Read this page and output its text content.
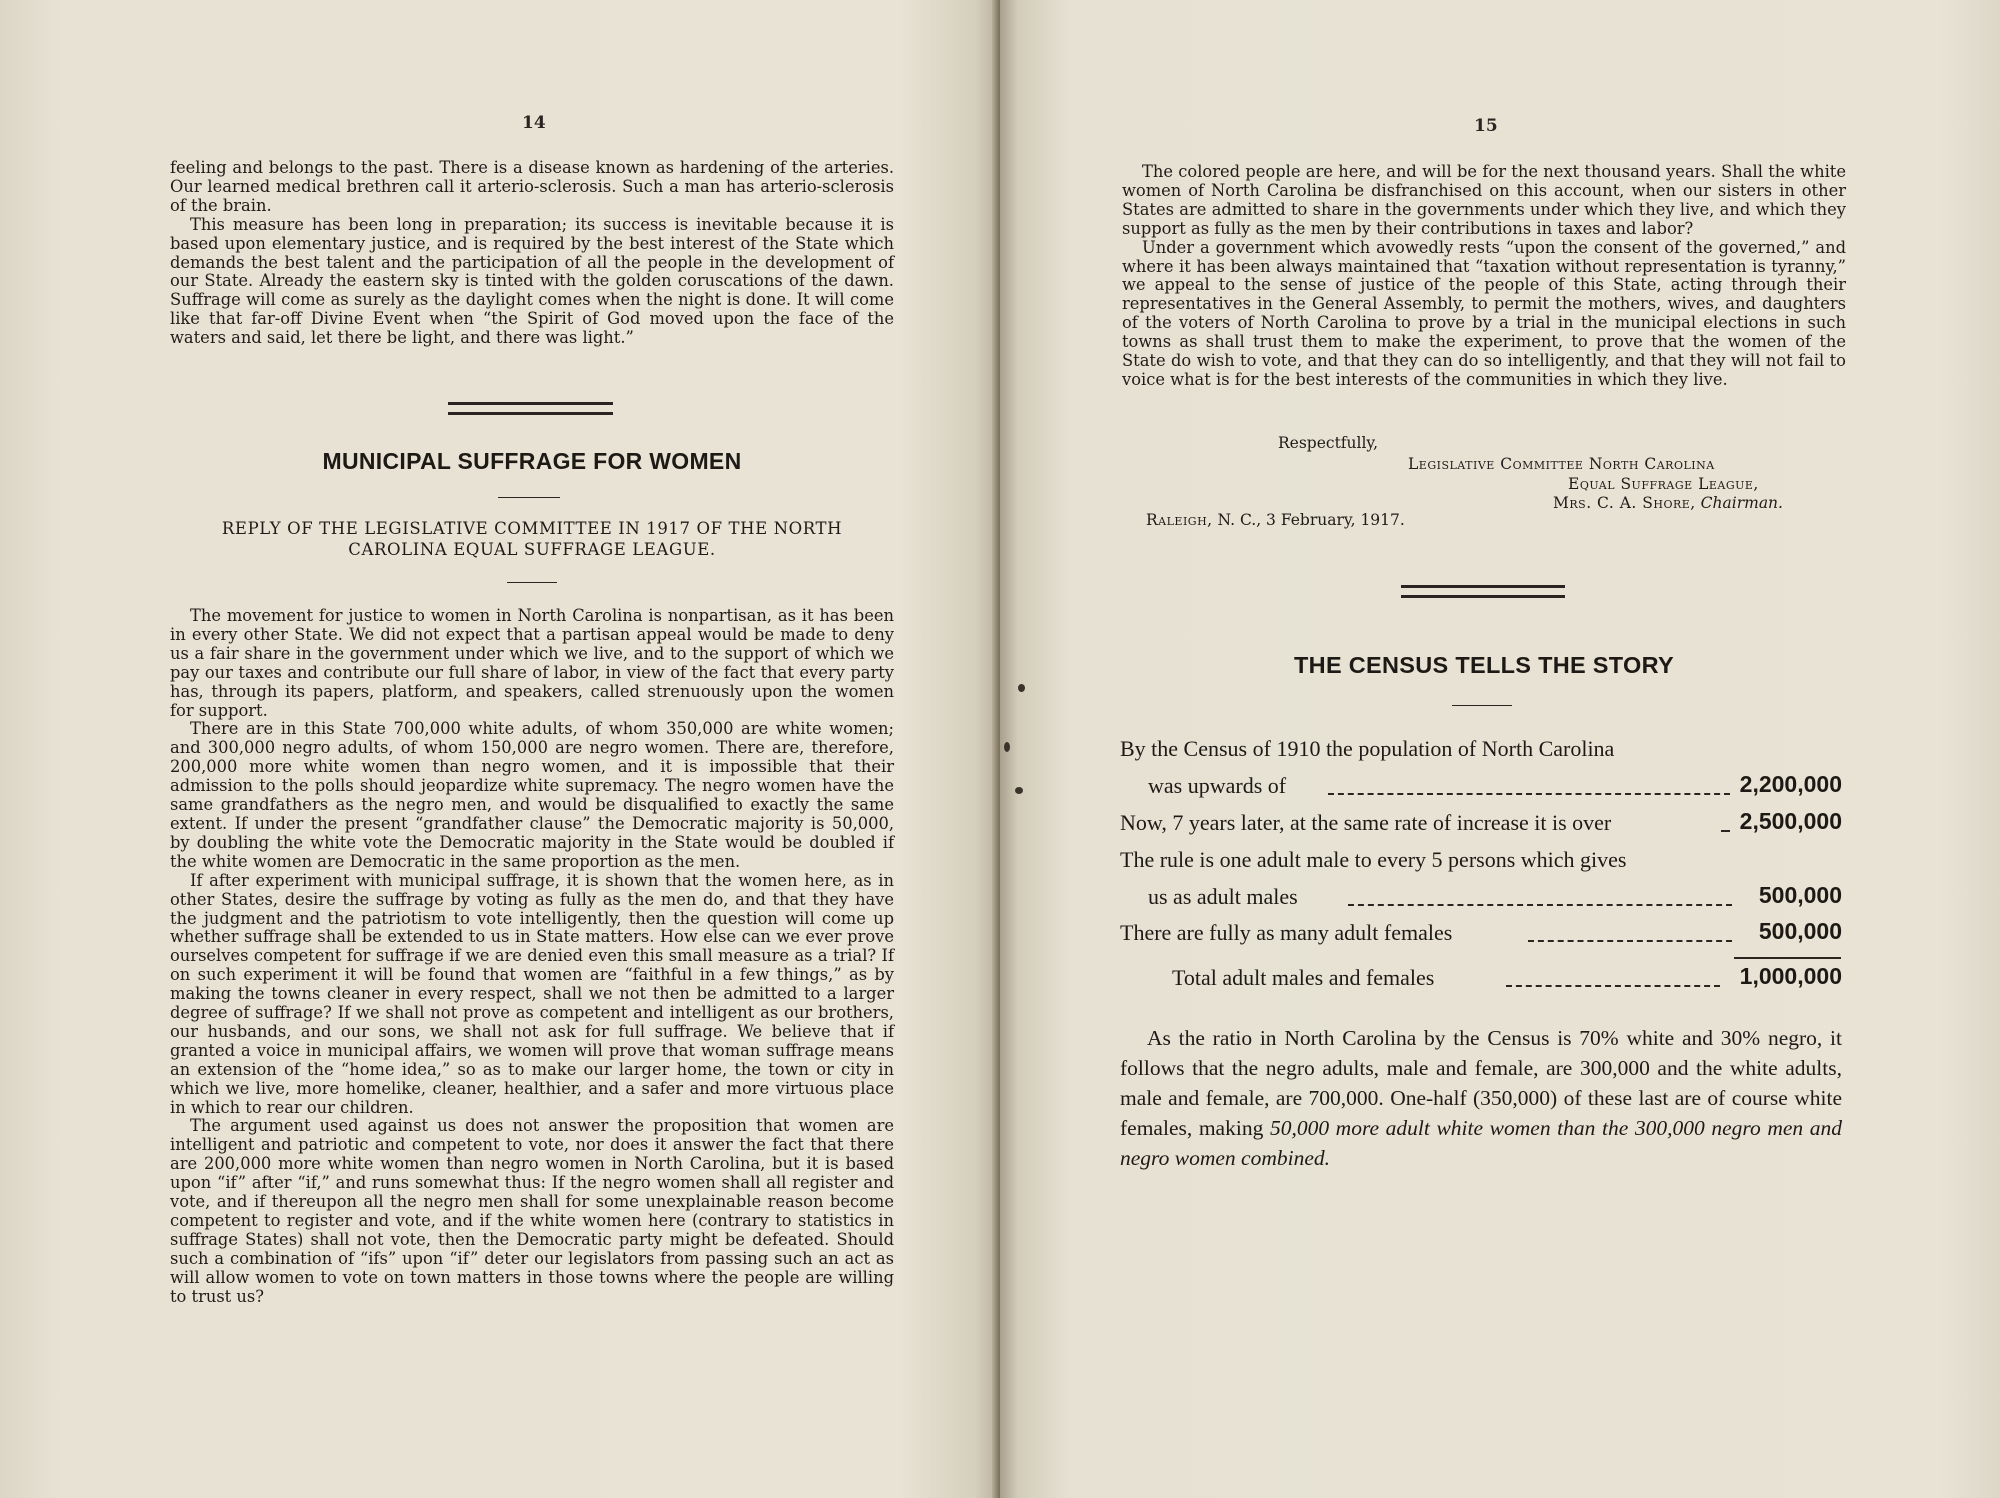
14

feeling and belongs to the past. There is a disease known as hardening of the arteries. Our learned medical brethren call it arterio-sclerosis. Such a man has arterio-sclerosis of the brain.

This measure has been long in preparation; its success is inevitable because it is based upon elementary justice, and is required by the best interest of the State which demands the best talent and the participation of all the people in the development of our State. Already the eastern sky is tinted with the golden coruscations of the dawn. Suffrage will come as surely as the daylight comes when the night is done. It will come like that far-off Divine Event when “the Spirit of God moved upon the face of the waters and said, let there be light, and there was light.”

MUNICIPAL SUFFRAGE FOR WOMEN
REPLY OF THE LEGISLATIVE COMMITTEE IN 1917 OF THE NORTH
CAROLINA EQUAL SUFFRAGE LEAGUE.

The movement for justice to women in North Carolina is nonpartisan, as it has been in every other State. We did not expect that a partisan appeal would be made to deny us a fair share in the government under which we live, and to the support of which we pay our taxes and contribute our full share of labor, in view of the fact that every party has, through its papers, platform, and speakers, called strenuously upon the women for support.

There are in this State 700,000 white adults, of whom 350,000 are white women; and 300,000 negro adults, of whom 150,000 are negro women. There are, therefore, 200,000 more white women than negro women, and it is impossible that their admission to the polls should jeopardize white supremacy. The negro women have the same grandfathers as the negro men, and would be disqualified to exactly the same extent. If under the present “grandfather clause” the Democratic majority is 50,000, by doubling the white vote the Democratic majority in the State would be doubled if the white women are Democratic in the same proportion as the men.

If after experiment with municipal suffrage, it is shown that the women here, as in other States, desire the suffrage by voting as fully as the men do, and that they have the judgment and the patriotism to vote intelligently, then the question will come up whether suffrage shall be extended to us in State matters. How else can we ever prove ourselves competent for suffrage if we are denied even this small measure as a trial? If on such experiment it will be found that women are “faithful in a few things,” as by making the towns cleaner in every respect, shall we not then be admitted to a larger degree of suffrage? If we shall not prove as competent and intelligent as our brothers, our husbands, and our sons, we shall not ask for full suffrage. We believe that if granted a voice in municipal affairs, we women will prove that woman suffrage means an extension of the “home idea,” so as to make our larger home, the town or city in which we live, more homelike, cleaner, healthier, and a safer and more virtuous place in which to rear our children.

The argument used against us does not answer the proposition that women are intelligent and patriotic and competent to vote, nor does it answer the fact that there are 200,000 more white women than negro women in North Carolina, but it is based upon “if” after “if,” and runs somewhat thus: If the negro women shall all register and vote, and if thereupon all the negro men shall for some unexplainable reason become competent to register and vote, and if the white women here (contrary to statistics in suffrage States) shall not vote, then the Democratic party might be defeated. Should such a combination of “ifs” upon “if” deter our legislators from passing such an act as will allow women to vote on town matters in those towns where the people are willing to trust us?

15

The colored people are here, and will be for the next thousand years. Shall the white women of North Carolina be disfranchised on this account, when our sisters in other States are admitted to share in the governments under which they live, and which they support as fully as the men by their contributions in taxes and labor?

Under a government which avowedly rests “upon the consent of the governed,” and where it has been always maintained that “taxation without representation is tyranny,” we appeal to the sense of justice of the people of this State, acting through their representatives in the General Assembly, to permit the mothers, wives, and daughters of the voters of North Carolina to prove by a trial in the municipal elections in such towns as shall trust them to make the experiment, to prove that the women of the State do wish to vote, and that they can do so intelligently, and that they will not fail to voice what is for the best interests of the communities in which they live.

Respectfully,
Legislative Committee North Carolina
Equal Suffrage League,
Mrs. C. A. Shore, Chairman.
Raleigh, N. C., 3 February, 1917.
THE CENSUS TELLS THE STORY
By the Census of 1910 the population of North Carolina
was upwards of	2,200,000
Now, 7 years later, at the same rate of increase it is over	2,500,000
The rule is one adult male to every 5 persons which gives
us as adult males	500,000
There are fully as many adult females	500,000
Total adult males and females	1,000,000
As the ratio in North Carolina by the Census is 70% white and 30% negro, it follows that the negro adults, male and female, are 300,000 and the white adults, male and female, are 700,000. One-half (350,000) of these last are of course white females, making 50,000 more adult white women than the 300,000 negro men and negro women combined.
